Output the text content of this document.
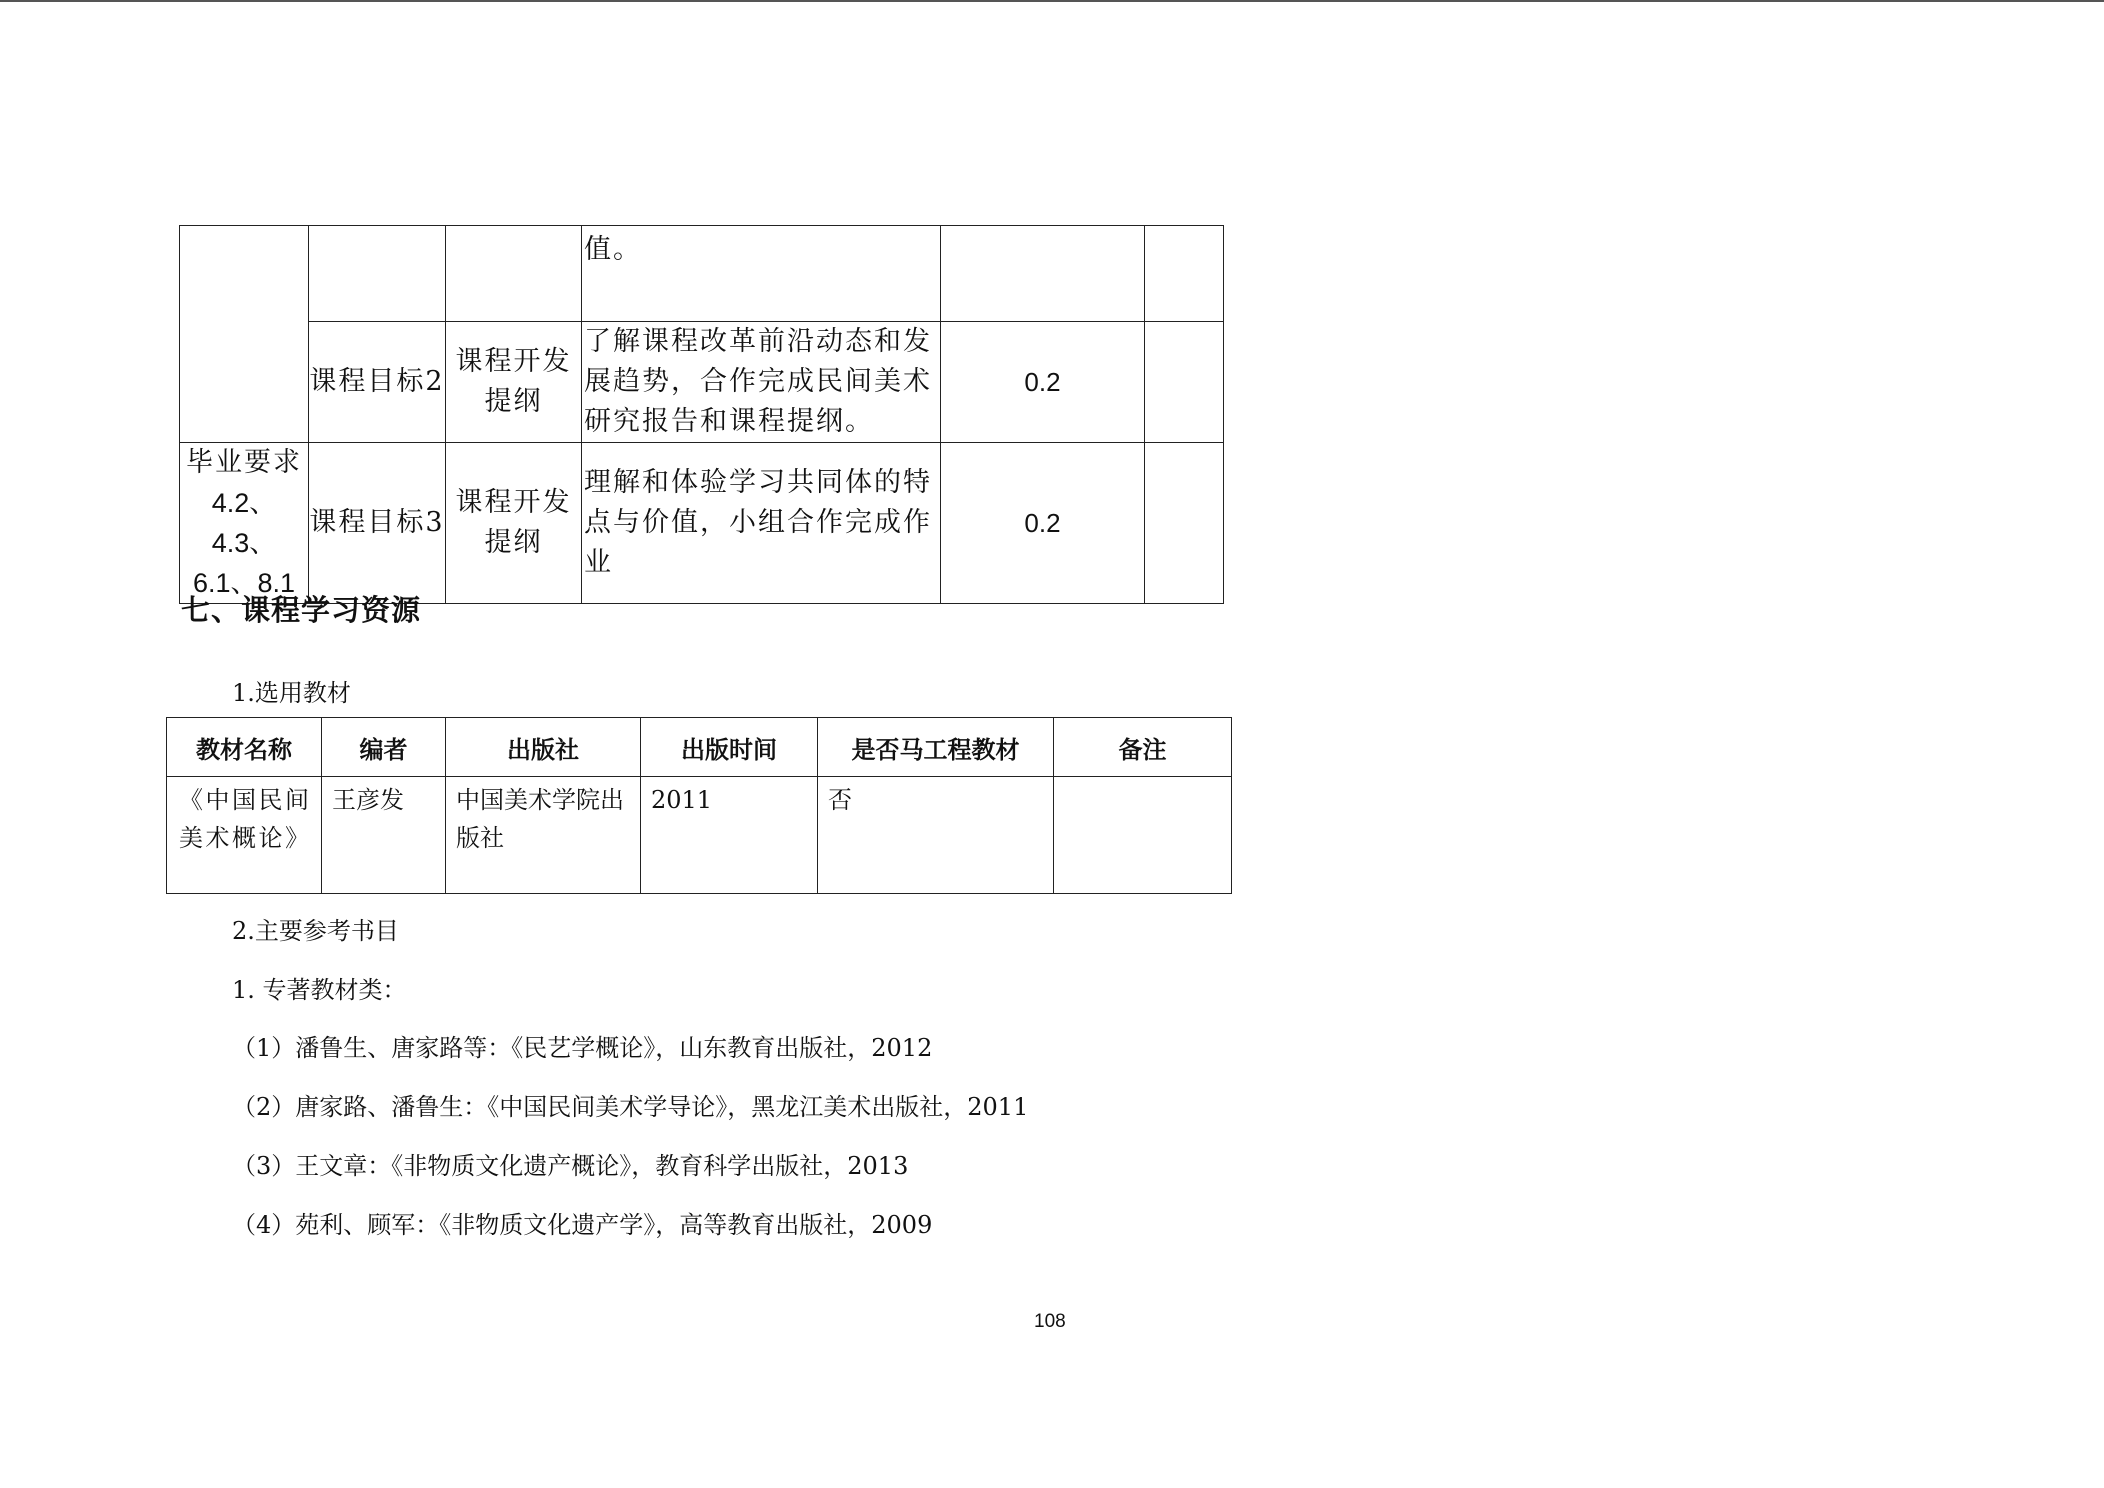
			值。		
	课程目标2	课程开发提纲	了解课程改革前沿动态和发展趋势，合作完成民间美术研究报告和课程提纲。	0.2	

毕业要求
4.2、4.3、
6.1、8.1	课程目标3	课程开发提纲	理解和体验学习共同体的特点与价值，小组合作完成作业	0.2	
七、课程学习资源

1.选用教材

教材名称	编者	出版社	出版时间	是否马工程教材	备注
《中国民间美术概论》	王彦发	中国美术学院出版社	2011	否	

2.主要参考书目

1. 专著教材类：

（1）潘鲁生、唐家路等：《民艺学概论》，山东教育出版社，2012

（2）唐家路、潘鲁生：《中国民间美术学导论》，黑龙江美术出版社，2011

（3）王文章：《非物质文化遗产概论》，教育科学出版社，2013

（4）苑利、顾军：《非物质文化遗产学》，高等教育出版社，2009

108
